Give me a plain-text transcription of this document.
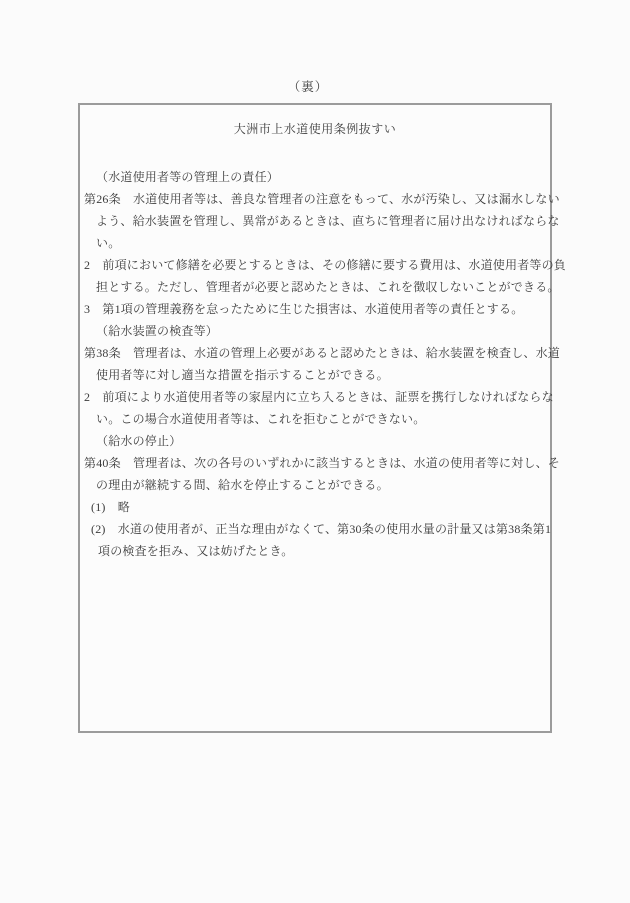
（裏）
大洲市上水道使用条例抜すい
（水道使用者等の管理上の責任）
第26条　水道使用者等は、善良な管理者の注意をもって、水が汚染し、又は漏水しない
よう、給水装置を管理し、異常があるときは、直ちに管理者に届け出なければならな
い。
2　前項において修繕を必要とするときは、その修繕に要する費用は、水道使用者等の負
担とする。ただし、管理者が必要と認めたときは、これを徴収しないことができる。
3　第1項の管理義務を怠ったために生じた損害は、水道使用者等の責任とする。
（給水装置の検査等）
第38条　管理者は、水道の管理上必要があると認めたときは、給水装置を検査し、水道
使用者等に対し適当な措置を指示することができる。
2　前項により水道使用者等の家屋内に立ち入るときは、証票を携行しなければならな
い。この場合水道使用者等は、これを拒むことができない。
（給水の停止）
第40条　管理者は、次の各号のいずれかに該当するときは、水道の使用者等に対し、そ
の理由が継続する間、給水を停止することができる。
(1)　略
(2)　水道の使用者が、正当な理由がなくて、第30条の使用水量の計量又は第38条第1
項の検査を拒み、又は妨げたとき。
